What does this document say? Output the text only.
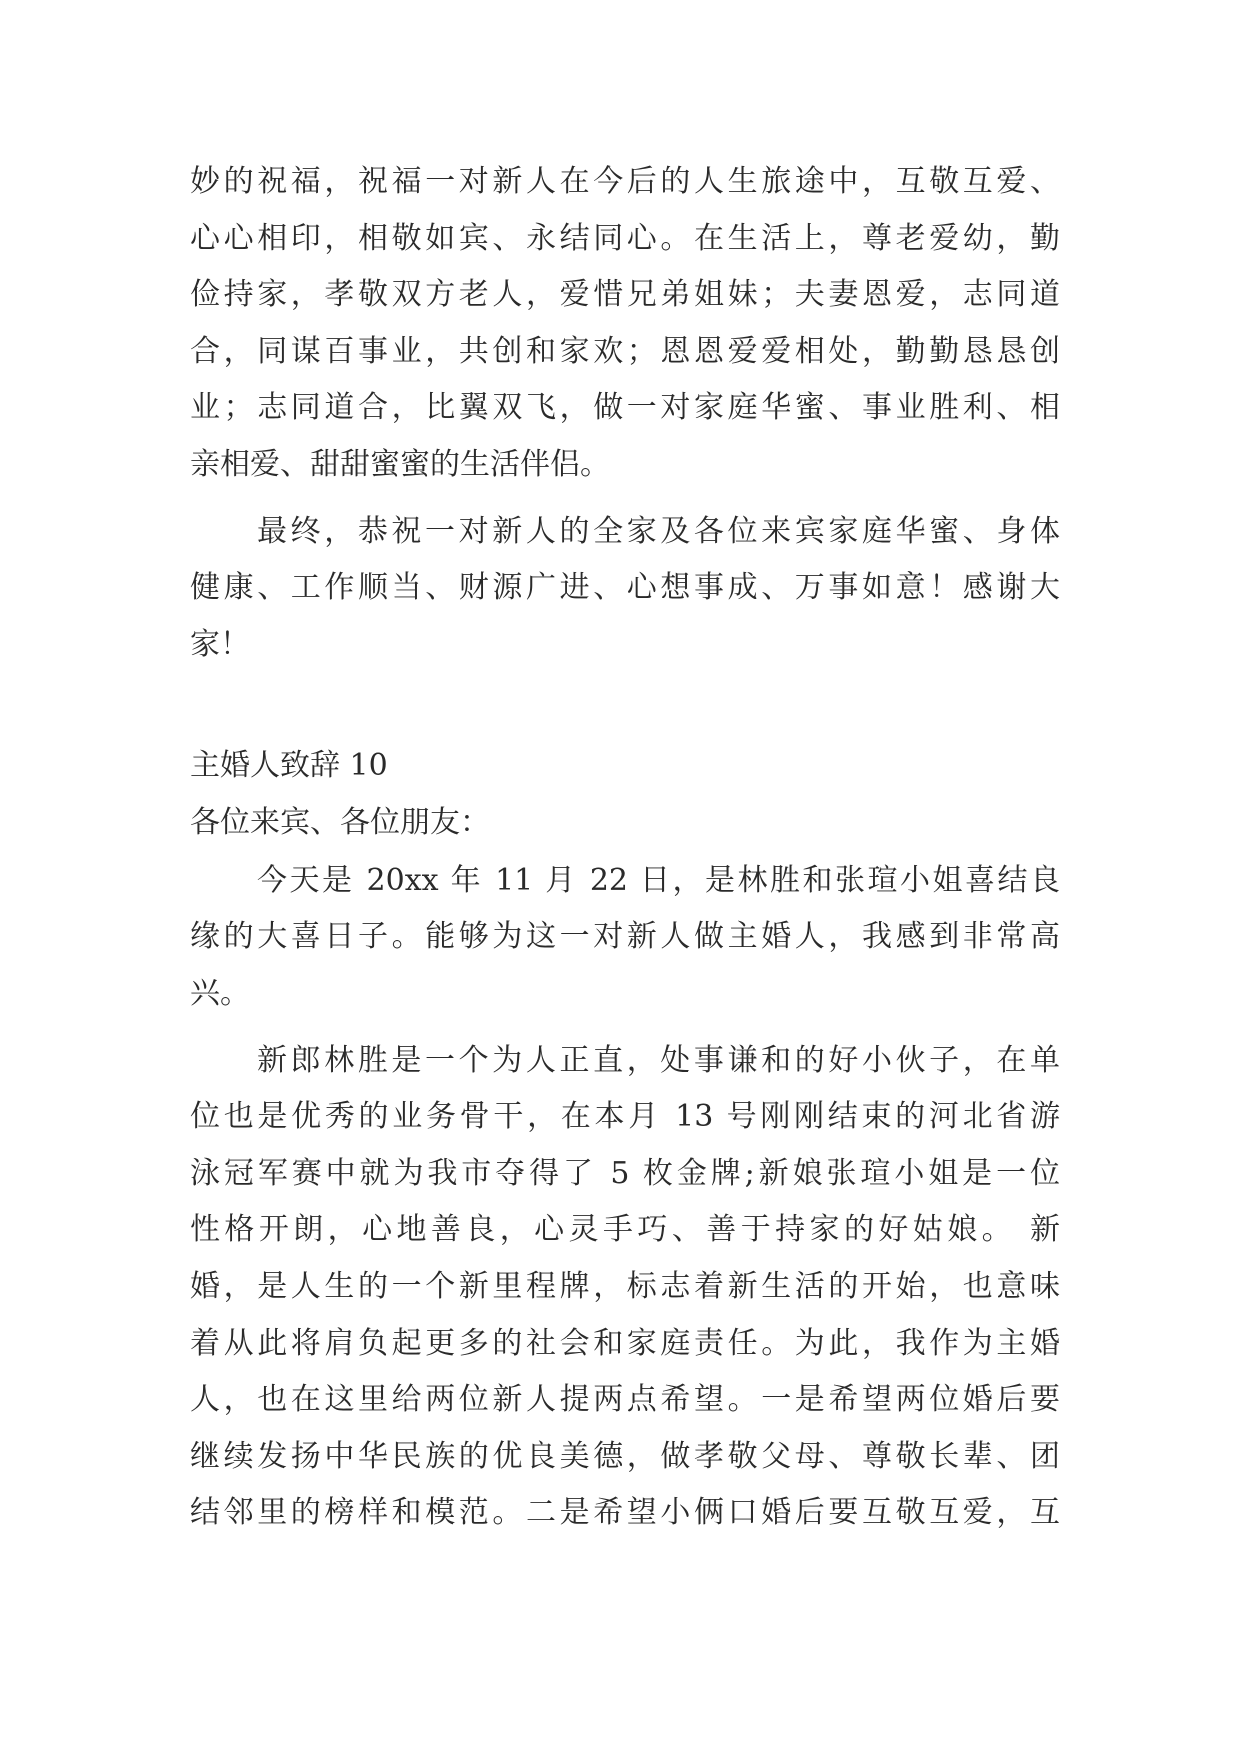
妙的祝福，祝福一对新人在今后的人生旅途中，互敬互爱、
心心相印，相敬如宾、永结同心。在生活上，尊老爱幼，勤
俭持家，孝敬双方老人，爱惜兄弟姐妹；夫妻恩爱，志同道
合，同谋百事业，共创和家欢；恩恩爱爱相处，勤勤恳恳创
业；志同道合，比翼双飞，做一对家庭华蜜、事业胜利、相
亲相爱、甜甜蜜蜜的生活伴侣。
最终，恭祝一对新人的全家及各位来宾家庭华蜜、身体
健康、工作顺当、财源广进、心想事成、万事如意！感谢大
家！
主婚人致辞 10
各位来宾、各位朋友：
今天是 20xx 年 11 月 22 日，是林胜和张瑄小姐喜结良
缘的大喜日子。能够为这一对新人做主婚人，我感到非常高
兴。
新郎林胜是一个为人正直，处事谦和的好小伙子，在单
位也是优秀的业务骨干，在本月 13 号刚刚结束的河北省游
泳冠军赛中就为我市夺得了 5 枚金牌;新娘张瑄小姐是一位
性格开朗，心地善良，心灵手巧、善于持家的好姑娘。 新
婚，是人生的一个新里程牌，标志着新生活的开始，也意味
着从此将肩负起更多的社会和家庭责任。为此，我作为主婚
人，也在这里给两位新人提两点希望。一是希望两位婚后要
继续发扬中华民族的优良美德，做孝敬父母、尊敬长辈、团
结邻里的榜样和模范。二是希望小俩口婚后要互敬互爱，互
